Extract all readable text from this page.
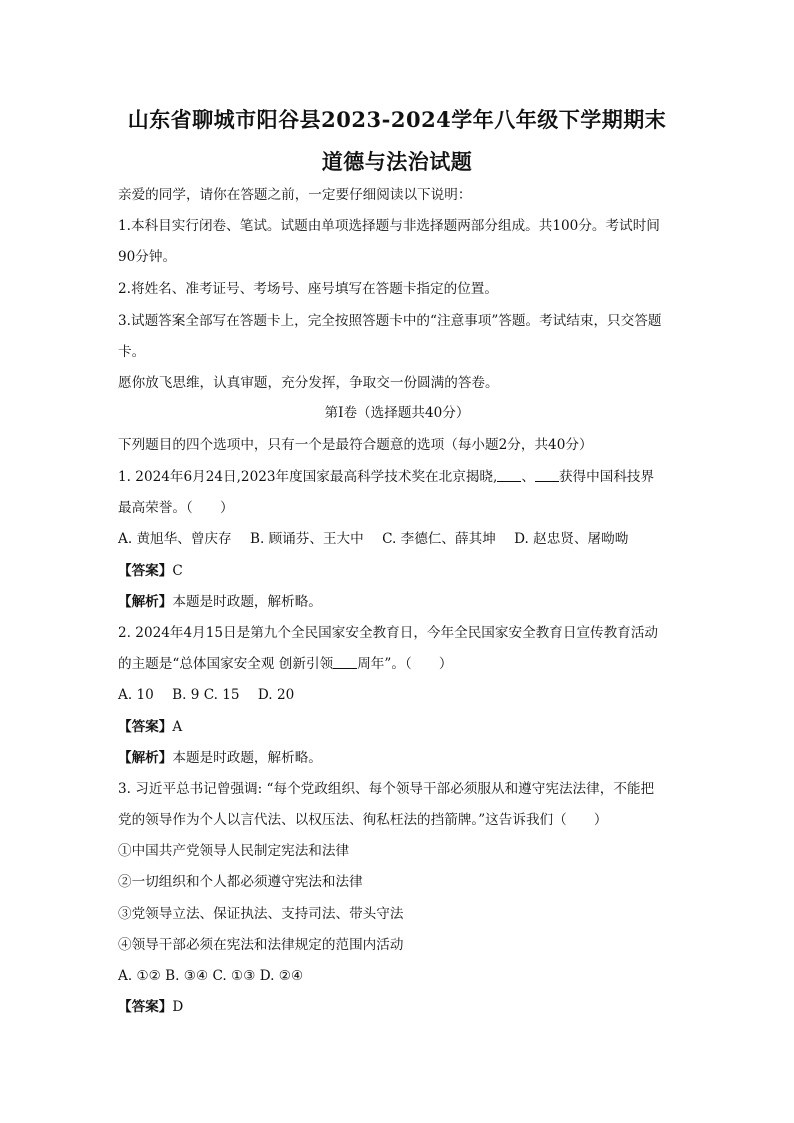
山东省聊城市阳谷县2023-2024学年八年级下学期期末
道德与法治试题
亲爱的同学，请你在答题之前，一定要仔细阅读以下说明：
1.本科目实行闭卷、笔试。试题由单项选择题与非选择题两部分组成。共100分。考试时间
90分钟。
2.将姓名、准考证号、考场号、座号填写在答题卡指定的位置。
3.试题答案全部写在答题卡上，完全按照答题卡中的“注意事项”答题。考试结束，只交答题
卡。
愿你放飞思维，认真审题，充分发挥，争取交一份圆满的答卷。
第Ⅰ卷（选择题共40分）
下列题目的四个选项中，只有一个是最符合题意的选项（每小题2分，共40分）
1. 2024年6月24日,2023年度国家最高科学技术奖在北京揭晓, 、 获得中国科技界
最高荣誉。（　　）
A. 黄旭华、曾庆存 B. 顾诵芬、王大中 C. 李德仁、薛其坤 D. 赵忠贤、屠呦呦
【答案】C
【解析】本题是时政题，解析略。
2. 2024年4月15日是第九个全民国家安全教育日，今年全民国家安全教育日宣传教育活动
的主题是“总体国家安全观 创新引领 周年”。（　　）
A. 10 B. 9 C. 15 D. 20
【答案】A
【解析】本题是时政题，解析略。
3. 习近平总书记曾强调: “每个党政组织、每个领导干部必须服从和遵守宪法法律，不能把
党的领导作为个人以言代法、以权压法、徇私枉法的挡箭牌。”这告诉我们（　　）
①中国共产党领导人民制定宪法和法律
②一切组织和个人都必须遵守宪法和法律
③党领导立法、保证执法、支持司法、带头守法
④领导干部必须在宪法和法律规定的范围内活动
A. ①② B. ③④ C. ①③ D. ②④
【答案】D
